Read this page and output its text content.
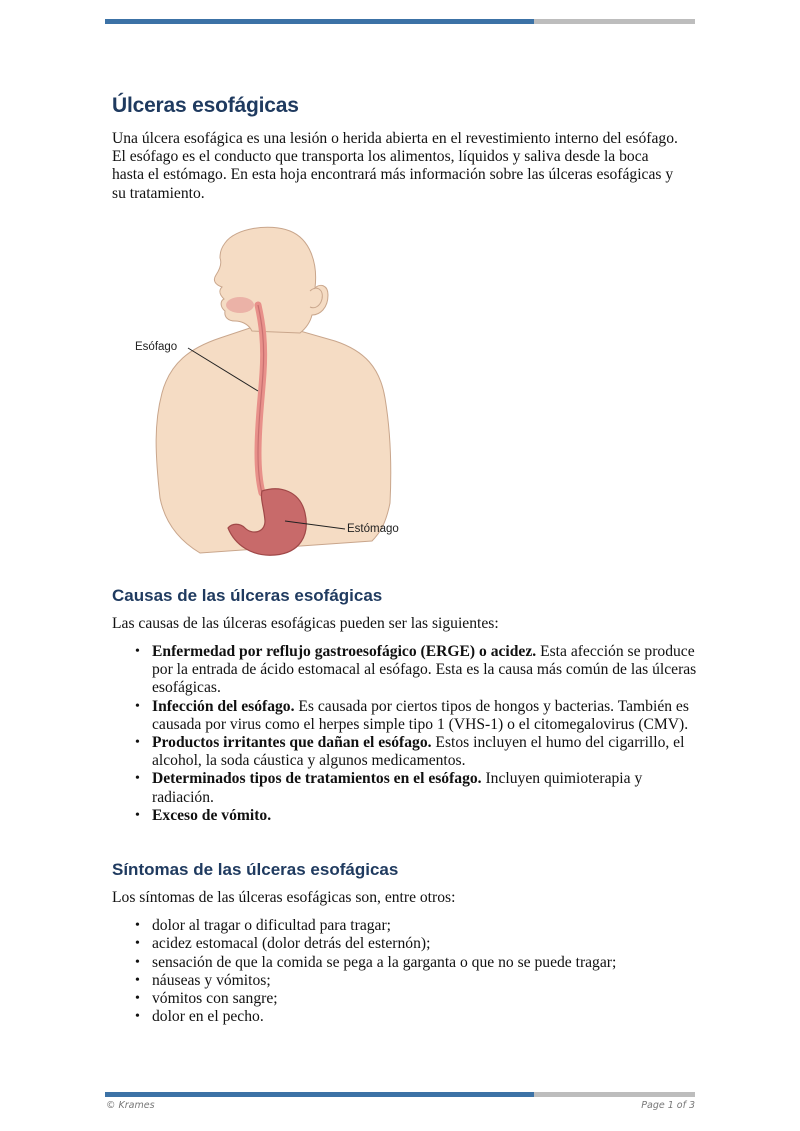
Úlceras esofágicas

Una úlcera esofágica es una lesión o herida abierta en el revestimiento interno del esófago. El esófago es el conducto que transporta los alimentos, líquidos y saliva desde la boca hasta el estómago. En esta hoja encontrará más información sobre las úlceras esofágicas y su tratamiento.

Esófago
Estómago
Causas de las úlceras esofágicas

Las causas de las úlceras esofágicas pueden ser las siguientes:

• Enfermedad por reflujo gastroesofágico (ERGE) o acidez. Esta afección se produce por la entrada de ácido estomacal al esófago. Esta es la causa más común de las úlceras esofágicas.
• Infección del esófago. Es causada por ciertos tipos de hongos y bacterias. También es causada por virus como el herpes simple tipo 1 (VHS-1) o el citomegalovirus (CMV).
• Productos irritantes que dañan el esófago. Estos incluyen el humo del cigarrillo, el alcohol, la soda cáustica y algunos medicamentos.
• Determinados tipos de tratamientos en el esófago. Incluyen quimioterapia y radiación.
• Exceso de vómito.
Síntomas de las úlceras esofágicas

Los síntomas de las úlceras esofágicas son, entre otros:

• dolor al tragar o dificultad para tragar;
• acidez estomacal (dolor detrás del esternón);
• sensación de que la comida se pega a la garganta o que no se puede tragar;
• náuseas y vómitos;
• vómitos con sangre;
• dolor en el pecho.
© Krames	Page 1 of 3
